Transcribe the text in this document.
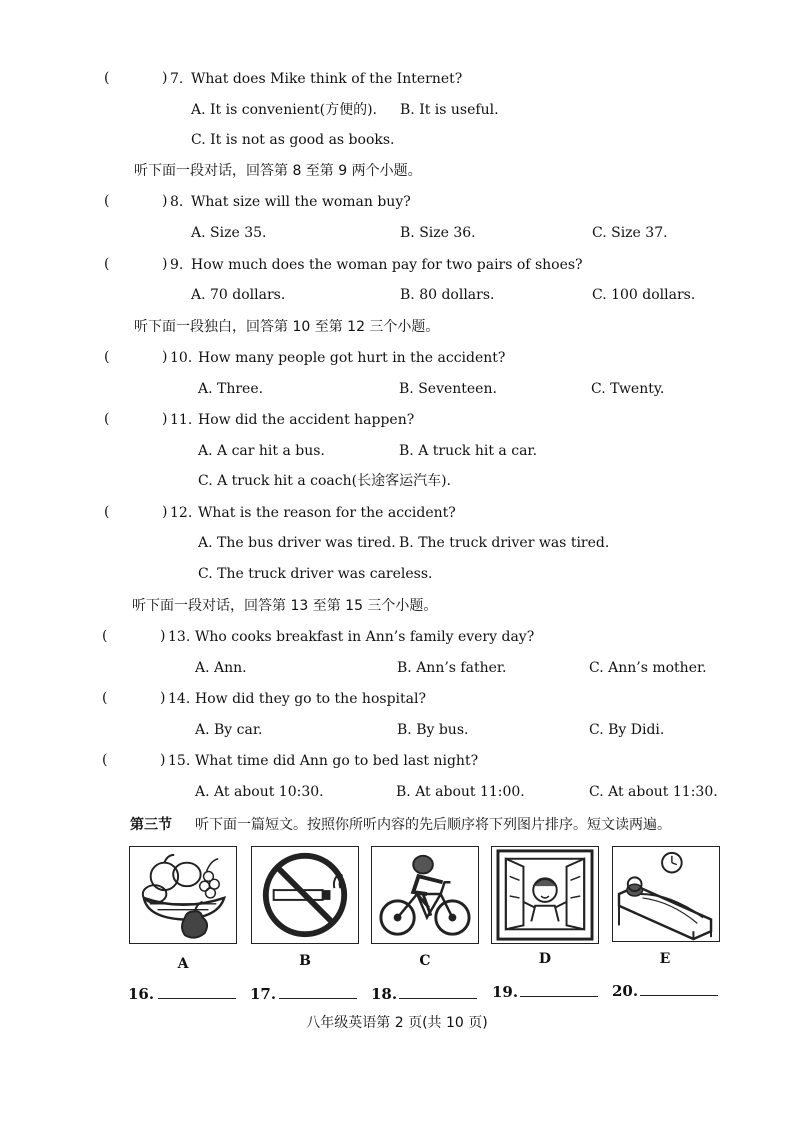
(	) 7. What does Mike think of the Internet?
A. It is convenient(方便的). B. It is useful.
C. It is not as good as books.
听下面一段对话，回答第 8 至第 9 两个小题。
(	) 8. What size will the woman buy?
A. Size 35.	B. Size 36.	C. Size 37.
(	) 9. How much does the woman pay for two pairs of shoes?
A. 70 dollars.	B. 80 dollars.	C. 100 dollars.
听下面一段独白，回答第 10 至第 12 三个小题。
(	) 10. How many people got hurt in the accident?
A. Three.	B. Seventeen.	C. Twenty.
(	) 11. How did the accident happen?
A. A car hit a bus.	B. A truck hit a car.
C. A truck hit a coach(长途客运汽车).
(	) 12. What is the reason for the accident?
A. The bus driver was tired. B. The truck driver was tired.
C. The truck driver was careless.
听下面一段对话，回答第 13 至第 15 三个小题。
(	) 13. Who cooks breakfast in Ann’s family every day?
A. Ann.	B. Ann’s father.	C. Ann’s mother.
(	) 14. How did they go to the hospital?
A. By car.	B. By bus.	C. By Didi.
(	) 15. What time did Ann go to bed last night?
A. At about 10:30.	B. At about 11:00.	C. At about 11:30.
第三节 听下面一篇短文。按照你所听内容的先后顺序将下列图片排序。短文读两遍。
A	B	C	D	E
16.	17.	18.	19.	20.
八年级英语第 2 页(共 10 页)
